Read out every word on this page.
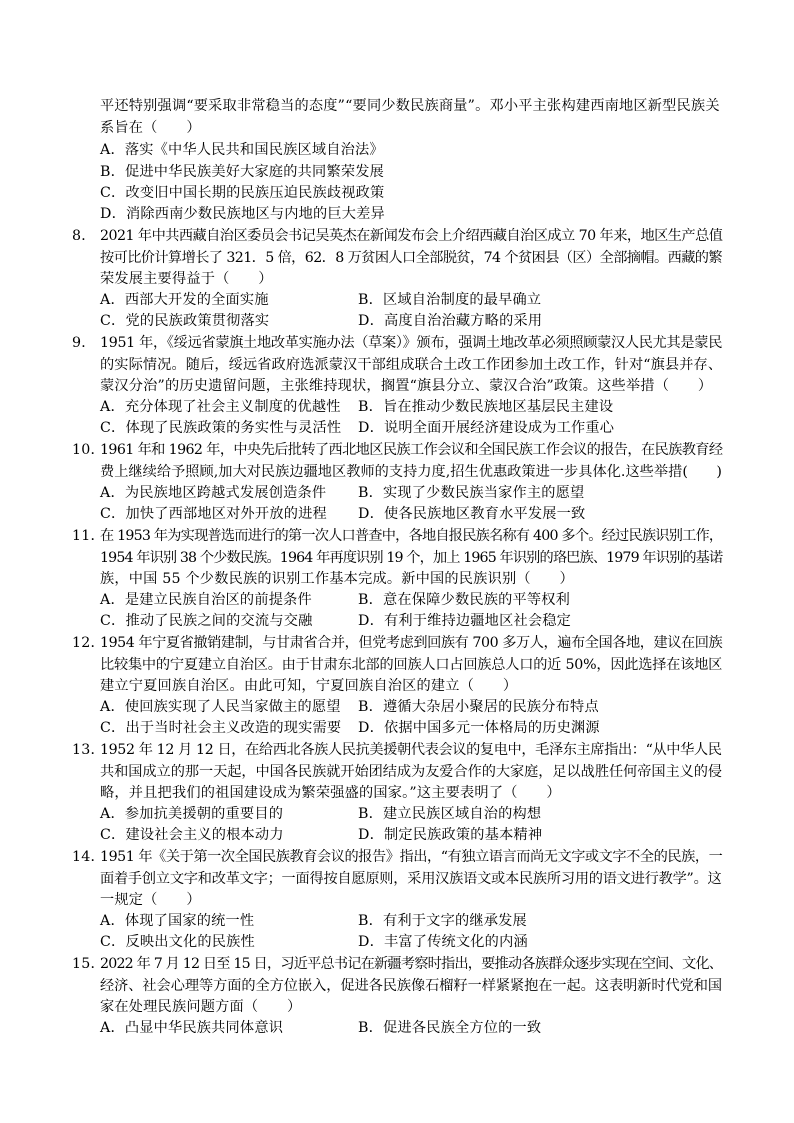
平还特别强调“要采取非常稳当的态度”“要同少数民族商量”。邓小平主张构建西南地区新型民族关
系旨在（　　）
A．落实《中华人民共和国民族区域自治法》
B．促进中华民族美好大家庭的共同繁荣发展
C．改变旧中国长期的民族压迫民族歧视政策
D．消除西南少数民族地区与内地的巨大差异
8． 2021 年中共西藏自治区委员会书记吴英杰在新闻发布会上介绍西藏自治区成立 70 年来，地区生产总值
按可比价计算增长了 321．5 倍，62．8 万贫困人口全部脱贫，74 个贫困县（区）全部摘帽。西藏的繁
荣发展主要得益于（　　）
A．西部大开发的全面实施	B．区域自治制度的最早确立
C．党的民族政策贯彻落实	D．高度自治治藏方略的采用
9． 1951 年，《绥远省蒙旗土地改革实施办法（草案）》颁布，强调土地改革必须照顾蒙汉人民尤其是蒙民
的实际情况。随后，绥远省政府选派蒙汉干部组成联合土改工作团参加土改工作，针对“旗县并存、
蒙汉分治”的历史遗留问题，主张维持现状，搁置“旗县分立、蒙汉合治”政策。这些举措（　　）
A．充分体现了社会主义制度的优越性 B．旨在推动少数民族地区基层民主建设
C．体现了民族政策的务实性与灵活性 D．说明全面开展经济建设成为工作重心
10．
1961 年和 1962 年，中央先后批转了西北地区民族工作会议和全国民族工作会议的报告，在民族教育经
费上继续给予照顾,加大对民族边疆地区教师的支持力度,招生优惠政策进一步具体化.这些举措(　　)
A．为民族地区跨越式发展创造条件 B．实现了少数民族当家作主的愿望
C．加快了西部地区对外开放的进程 D．使各民族地区教育水平发展一致
11．
在 1953 年为实现普选而进行的第一次人口普查中，各地自报民族名称有 400 多个。经过民族识别工作，
1954 年识别 38 个少数民族。1964 年再度识别 19 个，加上 1965 年识别的珞巴族、1979 年识别的基诺
族，中国 55 个少数民族的识别工作基本完成。新中国的民族识别（　　）
A．是建立民族自治区的前提条件	B．意在保障少数民族的平等权利
C．推动了民族之间的交流与交融	D．有利于维持边疆地区社会稳定
12．
1954 年宁夏省撤销建制，与甘肃省合并，但党考虑到回族有 700 多万人，遍布全国各地，建议在回族
比较集中的宁夏建立自治区。由于甘肃东北部的回族人口占回族总人口的近 50%，因此选择在该地区
建立宁夏回族自治区。由此可知，宁夏回族自治区的建立（　　）
A．使回族实现了人民当家做主的愿望 B．遵循大杂居小聚居的民族分布特点
C．出于当时社会主义改造的现实需要 D．依据中国多元一体格局的历史渊源
13．
1952 年 12 月 12 日，在给西北各族人民抗美援朝代表会议的复电中，毛泽东主席指出：“从中华人民
共和国成立的那一天起，中国各民族就开始团结成为友爱合作的大家庭，足以战胜任何帝国主义的侵
略，并且把我们的祖国建设成为繁荣强盛的国家。”这主要表明了（　　）
A．参加抗美援朝的重要目的	B．建立民族区域自治的构想
C．建设社会主义的根本动力	D．制定民族政策的基本精神
14．
1951 年《关于第一次全国民族教育会议的报告》指出，“有独立语言而尚无文字或文字不全的民族，一
面着手创立文字和改革文字；一面得按自愿原则，采用汉族语文或本民族所习用的语文进行教学”。这
一规定（　　）
A．体现了国家的统一性	B．有利于文字的继承发展
C．反映出文化的民族性	D．丰富了传统文化的内涵
15．
2022 年 7 月 12 日至 15 日，习近平总书记在新疆考察时指出，要推动各族群众逐步实现在空间、文化、
经济、社会心理等方面的全方位嵌入，促进各民族像石榴籽一样紧紧抱在一起。这表明新时代党和国
家在处理民族问题方面（　　）
A．凸显中华民族共同体意识	B．促进各民族全方位的一致
